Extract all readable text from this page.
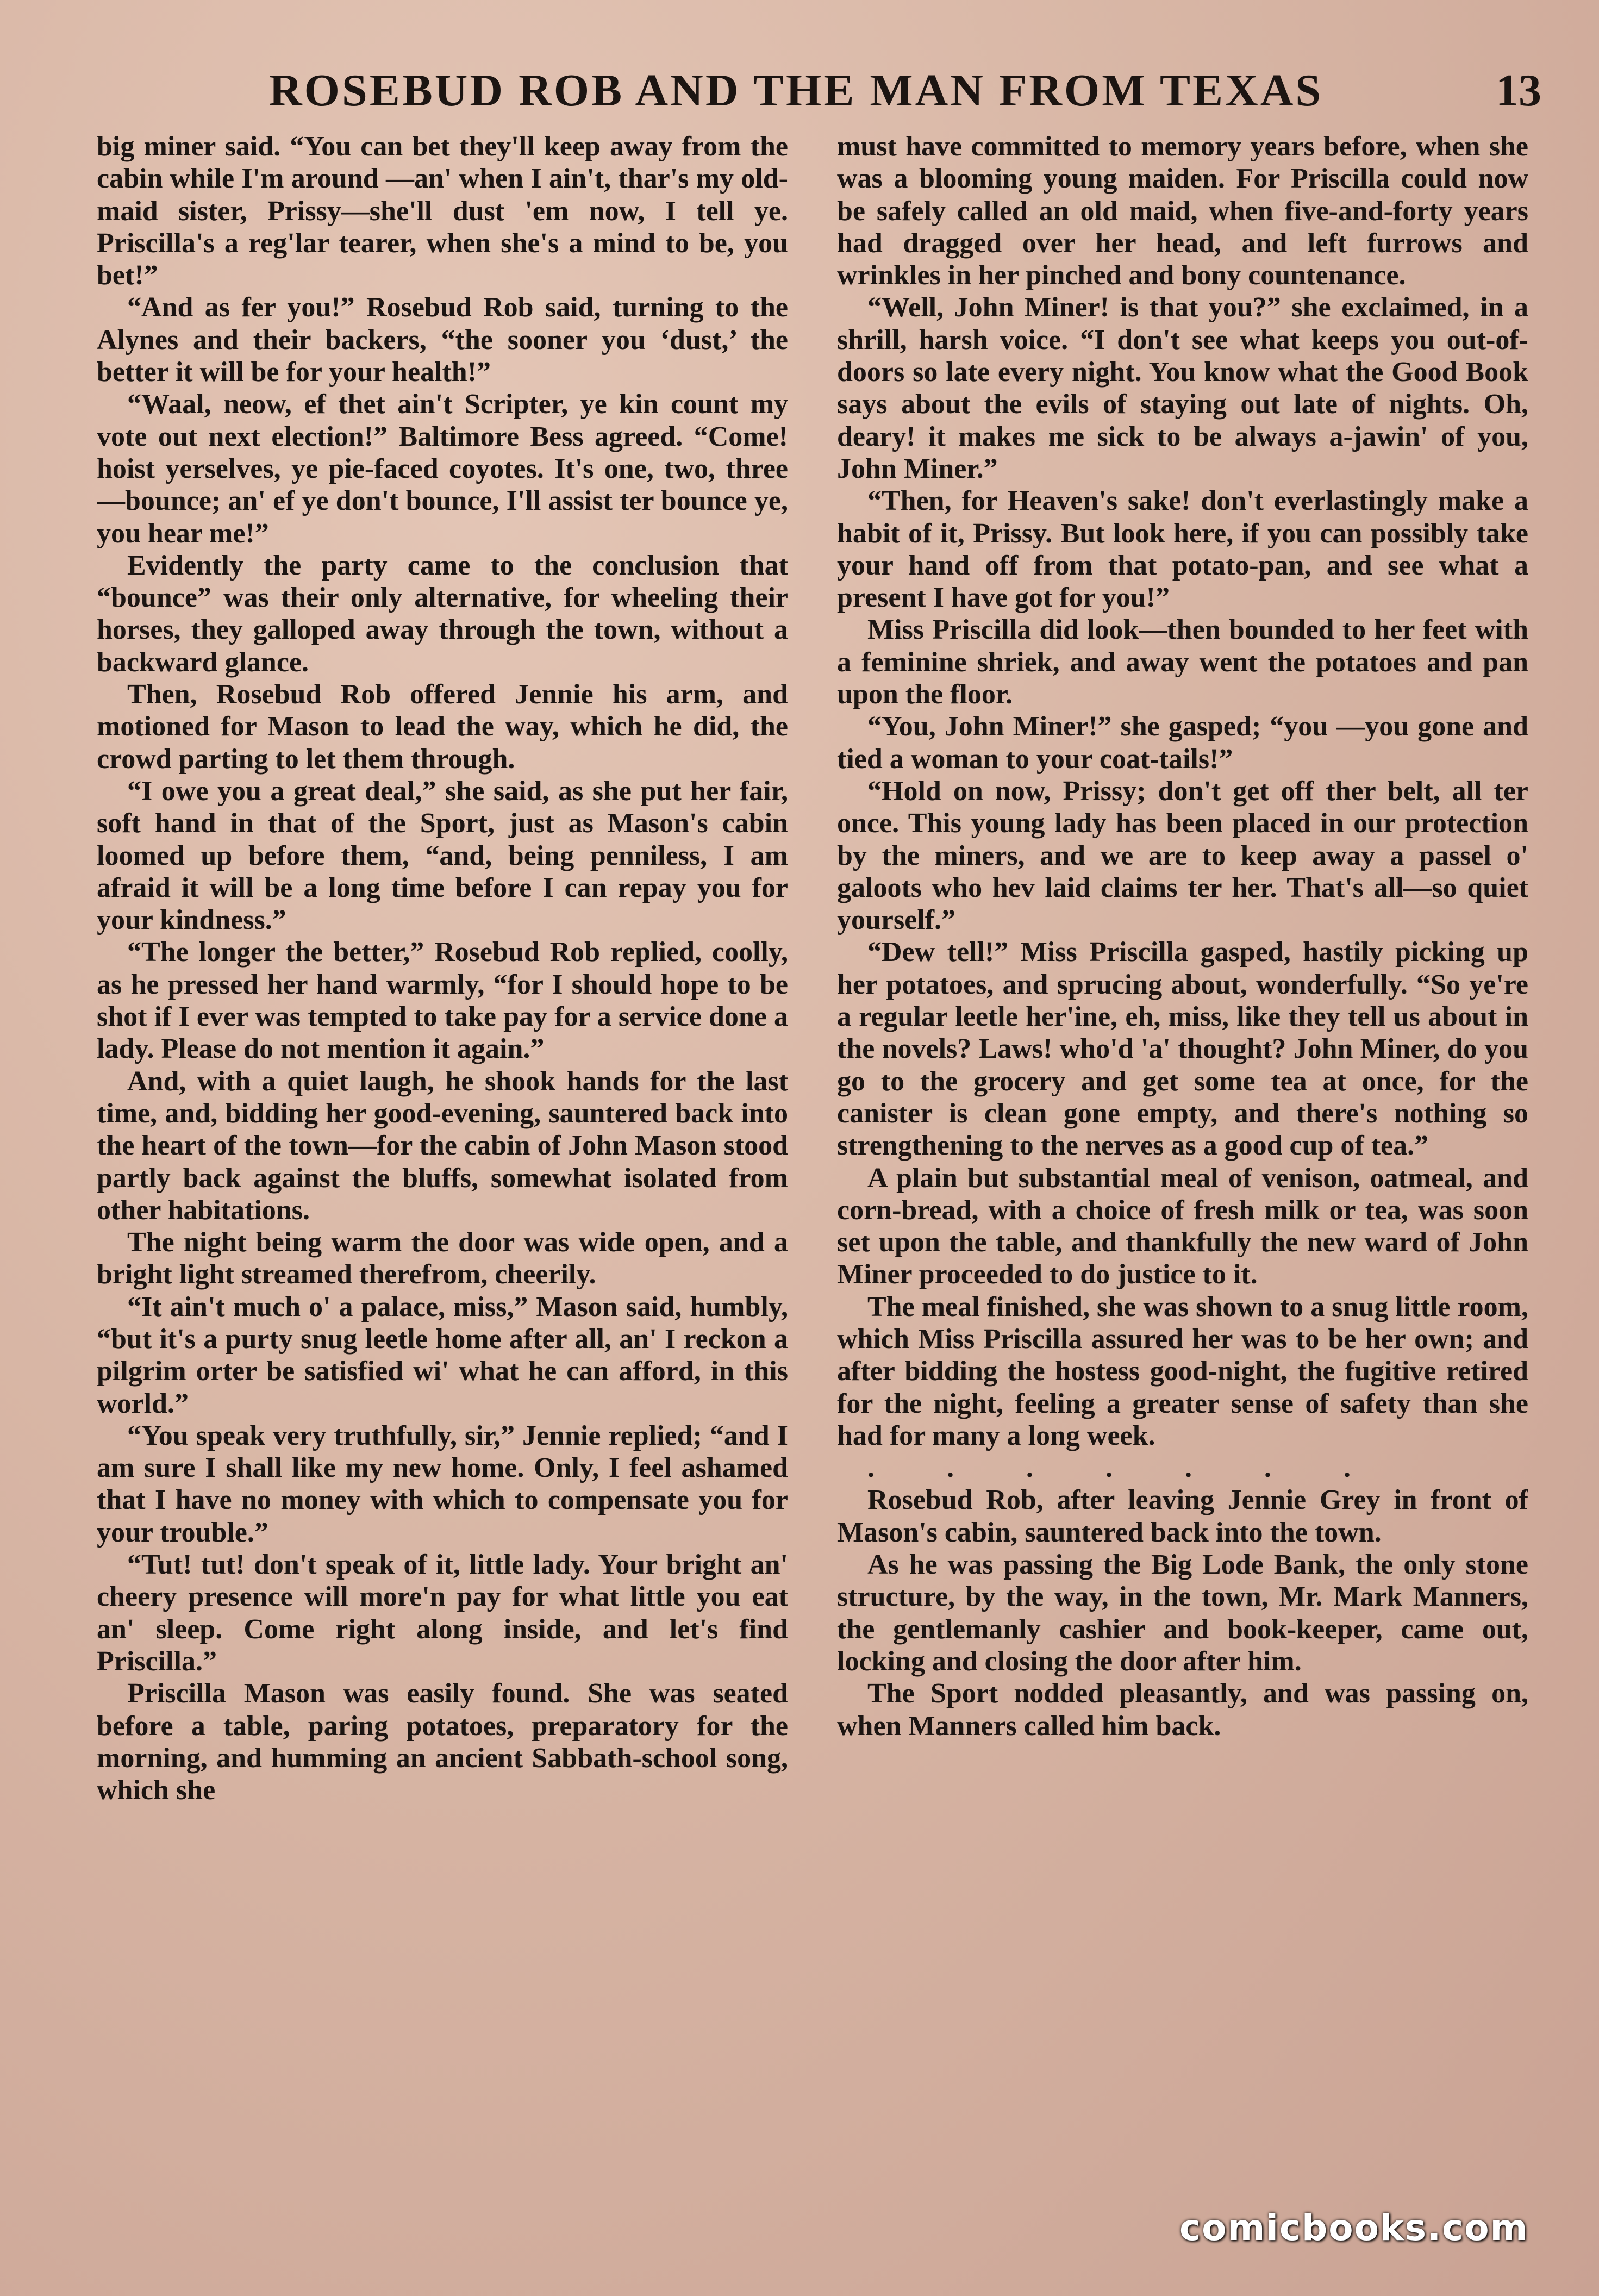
ROSEBUD ROB AND THE MAN FROM TEXAS	13

big miner said. “You can bet they'll keep away from the cabin while I'm around —an' when I ain't, thar's my old-maid sister, Prissy—she'll dust 'em now, I tell ye. Priscilla's a reg'lar tearer, when she's a mind to be, you bet!”

“And as fer you!” Rosebud Rob said, turning to the Alynes and their backers, “the sooner you ‘dust,’ the better it will be for your health!”

“Waal, neow, ef thet ain't Scripter, ye kin count my vote out next election!” Baltimore Bess agreed. “Come! hoist yerselves, ye pie-faced coyotes. It's one, two, three—bounce; an' ef ye don't bounce, I'll assist ter bounce ye, you hear me!”

Evidently the party came to the conclusion that “bounce” was their only alternative, for wheeling their horses, they galloped away through the town, without a backward glance.

Then, Rosebud Rob offered Jennie his arm, and motioned for Mason to lead the way, which he did, the crowd parting to let them through.

“I owe you a great deal,” she said, as she put her fair, soft hand in that of the Sport, just as Mason's cabin loomed up before them, “and, being penniless, I am afraid it will be a long time before I can repay you for your kindness.”

“The longer the better,” Rosebud Rob replied, coolly, as he pressed her hand warmly, “for I should hope to be shot if I ever was tempted to take pay for a service done a lady. Please do not mention it again.”

And, with a quiet laugh, he shook hands for the last time, and, bidding her good-evening, sauntered back into the heart of the town—for the cabin of John Mason stood partly back against the bluffs, somewhat isolated from other habitations.

The night being warm the door was wide open, and a bright light streamed therefrom, cheerily.

“It ain't much o' a palace, miss,” Mason said, humbly, “but it's a purty snug leetle home after all, an' I reckon a pilgrim orter be satisfied wi' what he can afford, in this world.”

“You speak very truthfully, sir,” Jennie replied; “and I am sure I shall like my new home. Only, I feel ashamed that I have no money with which to compensate you for your trouble.”

“Tut! tut! don't speak of it, little lady. Your bright an' cheery presence will more'n pay for what little you eat an' sleep. Come right along inside, and let's find Priscilla.”

Priscilla Mason was easily found. She was seated before a table, paring potatoes, preparatory for the morning, and humming an ancient Sabbath-school song, which she

must have committed to memory years before, when she was a blooming young maiden. For Priscilla could now be safely called an old maid, when five-and-forty years had dragged over her head, and left furrows and wrinkles in her pinched and bony countenance.

“Well, John Miner! is that you?” she exclaimed, in a shrill, harsh voice. “I don't see what keeps you out-of-doors so late every night. You know what the Good Book says about the evils of staying out late of nights. Oh, deary! it makes me sick to be always a-jawin' of you, John Miner.”

“Then, for Heaven's sake! don't everlastingly make a habit of it, Prissy. But look here, if you can possibly take your hand off from that potato-pan, and see what a present I have got for you!”

Miss Priscilla did look—then bounded to her feet with a feminine shriek, and away went the potatoes and pan upon the floor.

“You, John Miner!” she gasped; “you —you gone and tied a woman to your coat-tails!”

“Hold on now, Prissy; don't get off ther belt, all ter once. This young lady has been placed in our protection by the miners, and we are to keep away a passel o' galoots who hev laid claims ter her. That's all—so quiet yourself.”

“Dew tell!” Miss Priscilla gasped, hastily picking up her potatoes, and sprucing about, wonderfully. “So ye're a regular leetle her'ine, eh, miss, like they tell us about in the novels? Laws! who'd 'a' thought? John Miner, do you go to the grocery and get some tea at once, for the canister is clean gone empty, and there's nothing so strengthening to the nerves as a good cup of tea.”

A plain but substantial meal of venison, oatmeal, and corn-bread, with a choice of fresh milk or tea, was soon set upon the table, and thankfully the new ward of John Miner proceeded to do justice to it.

The meal finished, she was shown to a snug little room, which Miss Priscilla assured her was to be her own; and after bidding the hostess good-night, the fugitive retired for the night, feeling a greater sense of safety than she had for many a long week.

. . . . . . .

Rosebud Rob, after leaving Jennie Grey in front of Mason's cabin, sauntered back into the town.

As he was passing the Big Lode Bank, the only stone structure, by the way, in the town, Mr. Mark Manners, the gentlemanly cashier and book-keeper, came out, locking and closing the door after him.

The Sport nodded pleasantly, and was passing on, when Manners called him back.

comicbooks.com
